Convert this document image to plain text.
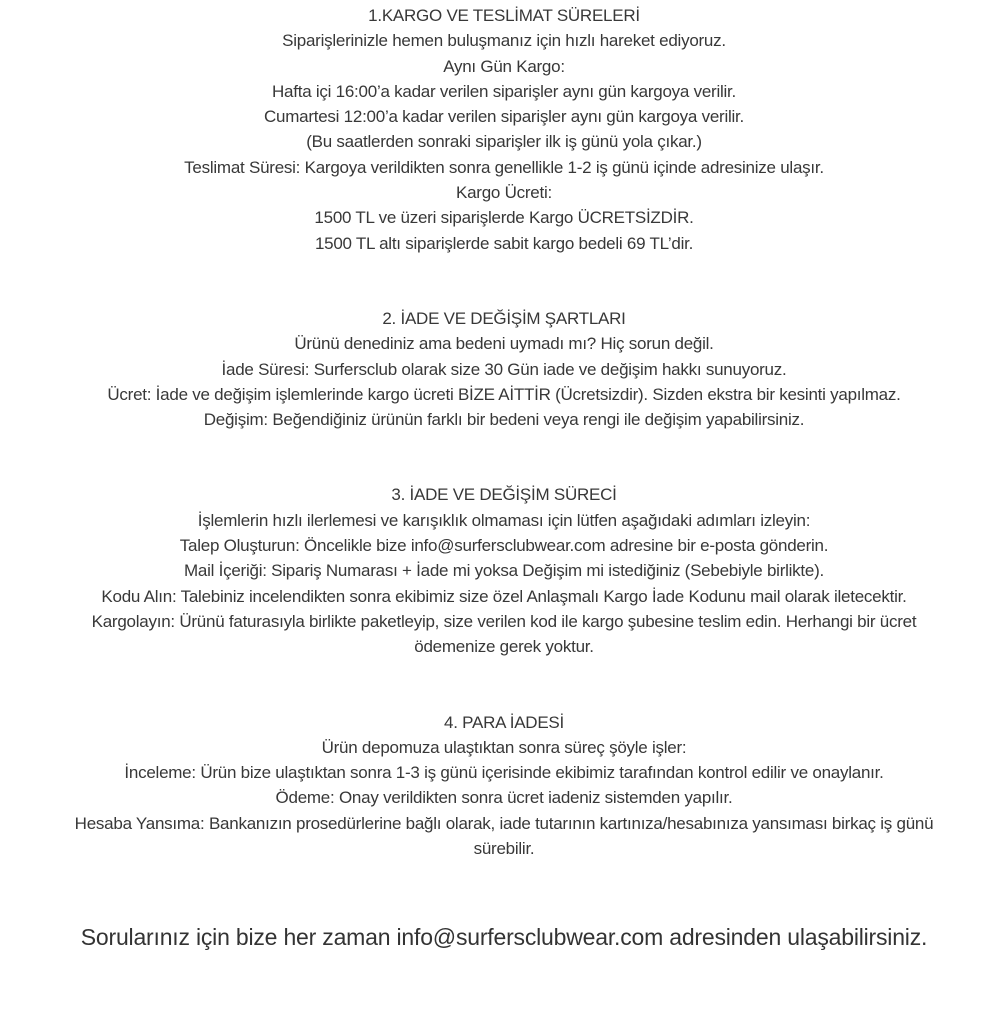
1.KARGO VE TESLİMAT SÜRELERİ
Siparişlerinizle hemen buluşmanız için hızlı hareket ediyoruz.
Aynı Gün Kargo:
Hafta içi 16:00’a kadar verilen siparişler aynı gün kargoya verilir.
Cumartesi 12:00’a kadar verilen siparişler aynı gün kargoya verilir.
(Bu saatlerden sonraki siparişler ilk iş günü yola çıkar.)
Teslimat Süresi: Kargoya verildikten sonra genellikle 1-2 iş günü içinde adresinize ulaşır.
Kargo Ücreti:
1500 TL ve üzeri siparişlerde Kargo ÜCRETSİZDİR.
1500 TL altı siparişlerde sabit kargo bedeli 69 TL’dir.
2. İADE VE DEĞİŞİM ŞARTLARI
Ürünü denediniz ama bedeni uymadı mı? Hiç sorun değil.
İade Süresi: Surfersclub olarak size 30 Gün iade ve değişim hakkı sunuyoruz.
Ücret: İade ve değişim işlemlerinde kargo ücreti BİZE AİTTİR (Ücretsizdir). Sizden ekstra bir kesinti yapılmaz.
Değişim: Beğendiğiniz ürünün farklı bir bedeni veya rengi ile değişim yapabilirsiniz.
3. İADE VE DEĞİŞİM SÜRECİ
İşlemlerin hızlı ilerlemesi ve karışıklık olmaması için lütfen aşağıdaki adımları izleyin:
Talep Oluşturun: Öncelikle bize info@surfersclubwear.com adresine bir e-posta gönderin.
Mail İçeriği: Sipariş Numarası + İade mi yoksa Değişim mi istediğiniz (Sebebiyle birlikte).
Kodu Alın: Talebiniz incelendikten sonra ekibimiz size özel Anlaşmalı Kargo İade Kodunu mail olarak iletecektir.
Kargolayın: Ürünü faturasıyla birlikte paketleyip, size verilen kod ile kargo şubesine teslim edin. Herhangi bir ücret
ödemenize gerek yoktur.
4. PARA İADESİ
Ürün depomuza ulaştıktan sonra süreç şöyle işler:
İnceleme: Ürün bize ulaştıktan sonra 1-3 iş günü içerisinde ekibimiz tarafından kontrol edilir ve onaylanır.
Ödeme: Onay verildikten sonra ücret iadeniz sistemden yapılır.
Hesaba Yansıma: Bankanızın prosedürlerine bağlı olarak, iade tutarının kartınıza/hesabınıza yansıması birkaç iş günü
sürebilir.
Sorularınız için bize her zaman info@surfersclubwear.com adresinden ulaşabilirsiniz.
